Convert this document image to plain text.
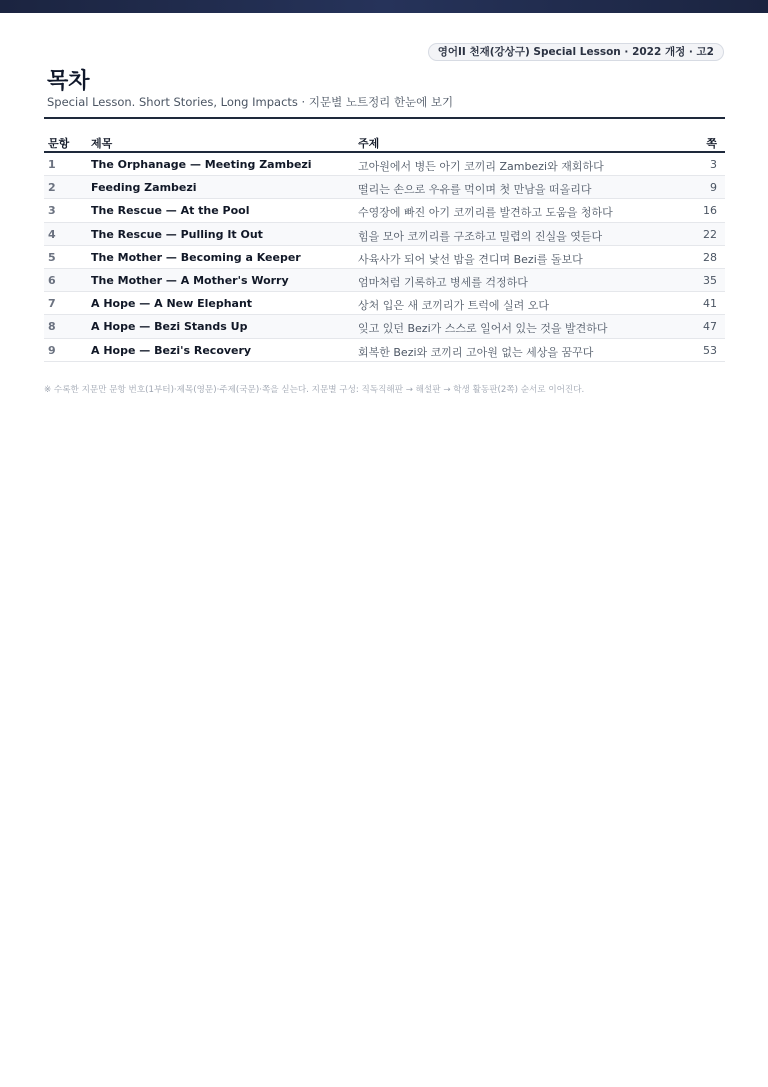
영어II 천재(강상구) Special Lesson · 2022 개정 · 고2
목차
Special Lesson. Short Stories, Long Impacts · 지문별 노트정리 한눈에 보기
문항 제목	주제	쪽
1	The Orphanage — Meeting Zambezi	고아원에서 병든 아기 코끼리 Zambezi와 재회하다	3
2	Feeding Zambezi	떨리는 손으로 우유를 먹이며 첫 만남을 떠올리다	9
3	The Rescue — At the Pool	수영장에 빠진 아기 코끼리를 발견하고 도움을 청하다	16
4	The Rescue — Pulling It Out	힘을 모아 코끼리를 구조하고 밀렵의 진실을 엿듣다	22
5	The Mother — Becoming a Keeper	사육사가 되어 낯선 밤을 견디며 Bezi를 돌보다	28
6	The Mother — A Mother's Worry	엄마처럼 기록하고 병세를 걱정하다	35
7	A Hope — A New Elephant	상처 입은 새 코끼리가 트럭에 실려 오다	41
8	A Hope — Bezi Stands Up	잊고 있던 Bezi가 스스로 일어서 있는 것을 발견하다	47
9	A Hope — Bezi's Recovery	회복한 Bezi와 코끼리 고아원 없는 세상을 꿈꾸다	53
※ 수록한 지문만 문항 번호(1부터)·제목(영문)·주제(국문)·쪽을 싣는다. 지문별 구성: 직독직해판 → 해설판 → 학생 활동판(2쪽) 순서로 이어진다.
